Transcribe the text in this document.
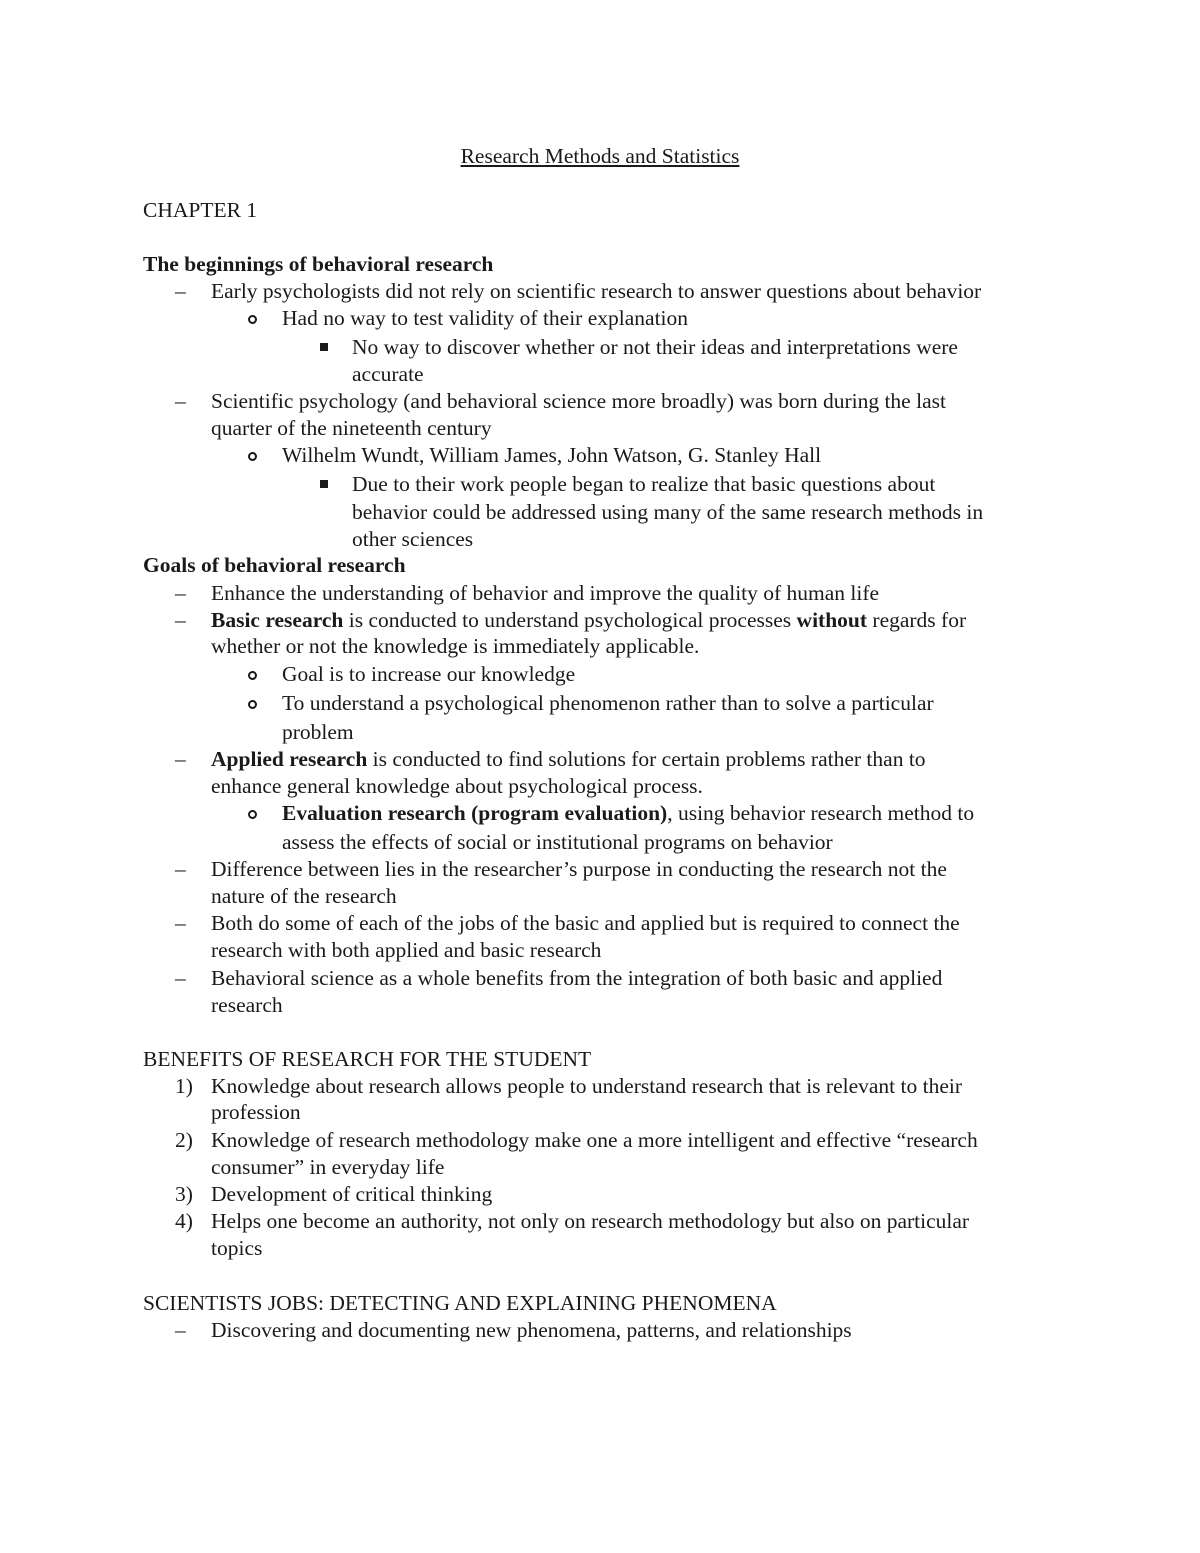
Research Methods and Statistics
CHAPTER 1
The beginnings of behavioral research
– Early psychologists did not rely on scientific research to answer questions about behavior
Had no way to test validity of their explanation
No way to discover whether or not their ideas and interpretations were
accurate
– Scientific psychology (and behavioral science more broadly) was born during the last
quarter of the nineteenth century
Wilhelm Wundt, William James, John Watson, G. Stanley Hall
Due to their work people began to realize that basic questions about
behavior could be addressed using many of the same research methods in
other sciences
Goals of behavioral research
– Enhance the understanding of behavior and improve the quality of human life
– Basic research is conducted to understand psychological processes without regards for
whether or not the knowledge is immediately applicable.
Goal is to increase our knowledge
To understand a psychological phenomenon rather than to solve a particular
problem
– Applied research is conducted to find solutions for certain problems rather than to
enhance general knowledge about psychological process.
Evaluation research (program evaluation), using behavior research method to
assess the effects of social or institutional programs on behavior
– Difference between lies in the researcher’s purpose in conducting the research not the
nature of the research
– Both do some of each of the jobs of the basic and applied but is required to connect the
research with both applied and basic research
– Behavioral science as a whole benefits from the integration of both basic and applied
research
BENEFITS OF RESEARCH FOR THE STUDENT
1) Knowledge about research allows people to understand research that is relevant to their
profession
2) Knowledge of research methodology make one a more intelligent and effective “research
consumer” in everyday life
3) Development of critical thinking
4) Helps one become an authority, not only on research methodology but also on particular
topics
SCIENTISTS JOBS: DETECTING AND EXPLAINING PHENOMENA
– Discovering and documenting new phenomena, patterns, and relationships
